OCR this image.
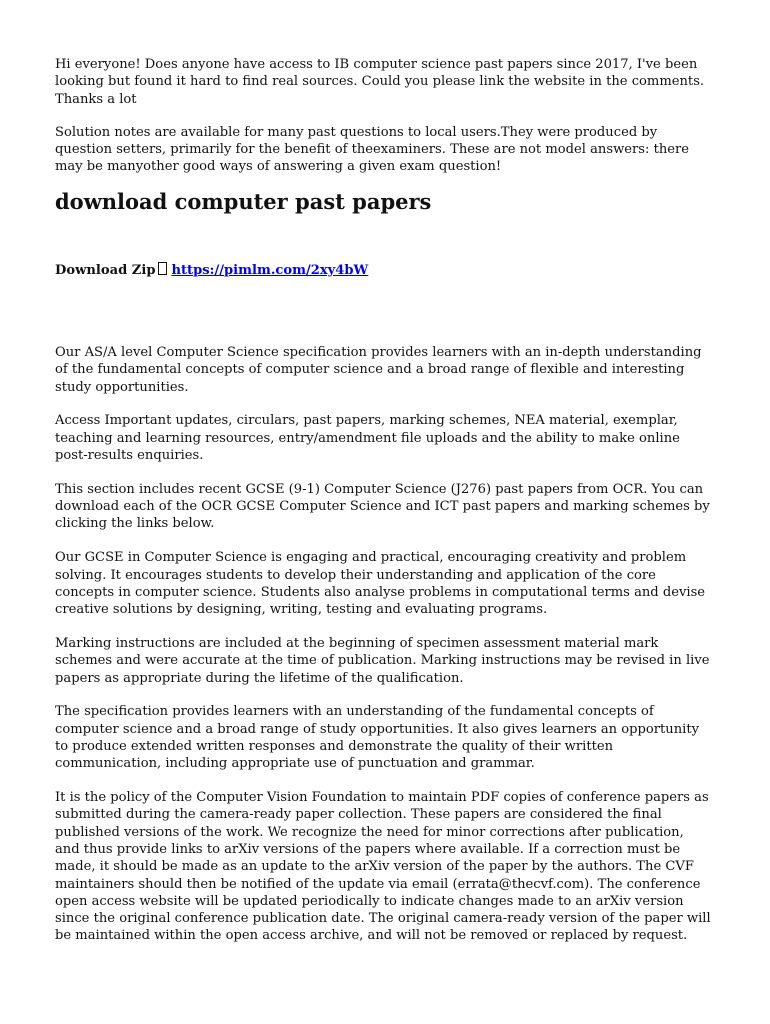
Hi everyone! Does anyone have access to IB computer science past papers since 2017, I've been looking but found it hard to find real sources. Could you please link the website in the comments. Thanks a lot

Solution notes are available for many past questions to local users.They were produced by question setters, primarily for the benefit of theexaminers. These are not model answers: there may be manyother good ways of answering a given exam question!

download computer past papers
Download Zip https://pimlm.com/2xy4bW

Our AS/A level Computer Science specification provides learners with an in-depth understanding of the fundamental concepts of computer science and a broad range of flexible and interesting study opportunities.

Access Important updates, circulars, past papers, marking schemes, NEA material, exemplar, teaching and learning resources, entry/amendment file uploads and the ability to make online post-results enquiries.

This section includes recent GCSE (9-1) Computer Science (J276) past papers from OCR. You can download each of the OCR GCSE Computer Science and ICT past papers and marking schemes by clicking the links below.

Our GCSE in Computer Science is engaging and practical, encouraging creativity and problem solving. It encourages students to develop their understanding and application of the core concepts in computer science. Students also analyse problems in computational terms and devise creative solutions by designing, writing, testing and evaluating programs.

Marking instructions are included at the beginning of specimen assessment material mark schemes and were accurate at the time of publication. Marking instructions may be revised in live papers as appropriate during the lifetime of the qualification.

The specification provides learners with an understanding of the fundamental concepts of computer science and a broad range of study opportunities. It also gives learners an opportunity to produce extended written responses and demonstrate the quality of their written communication, including appropriate use of punctuation and grammar.

It is the policy of the Computer Vision Foundation to maintain PDF copies of conference papers as submitted during the camera-ready paper collection. These papers are considered the final published versions of the work. We recognize the need for minor corrections after publication, and thus provide links to arXiv versions of the papers where available. If a correction must be made, it should be made as an update to the arXiv version of the paper by the authors. The CVF maintainers should then be notified of the update via email (errata@thecvf.com). The conference open access website will be updated periodically to indicate changes made to an arXiv version since the original conference publication date. The original camera-ready version of the paper will be maintained within the open access archive, and will not be removed or replaced by request.
